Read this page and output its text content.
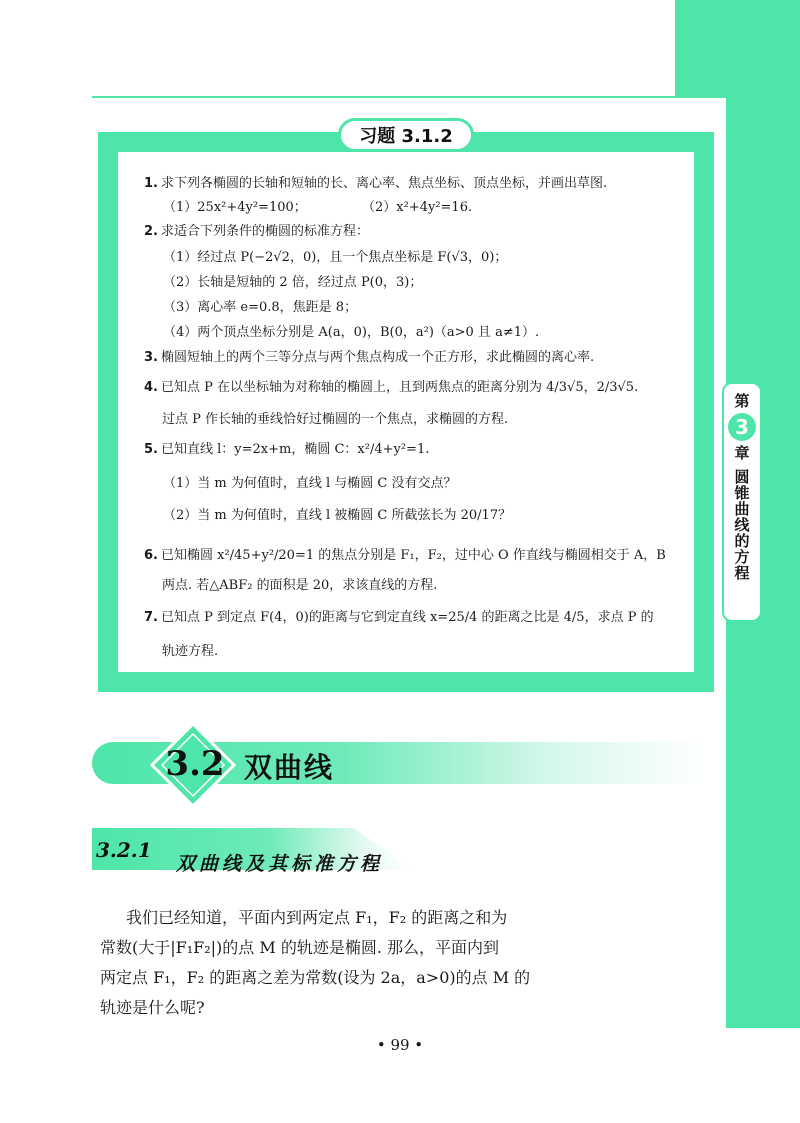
第
3
章
圆锥曲线的方程
习题 3.1.2
1. 求下列各椭圆的长轴和短轴的长、离心率、焦点坐标、顶点坐标，并画出草图.
（1）25x²+4y²=100；	（2）x²+4y²=16.
2. 求适合下列条件的椭圆的标准方程：
（1）经过点 P(−2√2，0)，且一个焦点坐标是 F(√3，0)；
（2）长轴是短轴的 2 倍，经过点 P(0，3)；
（3）离心率 e=0.8，焦距是 8；
（4）两个顶点坐标分别是 A(a，0)，B(0，a²)（a>0 且 a≠1）.
3. 椭圆短轴上的两个三等分点与两个焦点构成一个正方形，求此椭圆的离心率.
4. 已知点 P 在以坐标轴为对称轴的椭圆上，且到两焦点的距离分别为 4/3√5，2/3√5.
过点 P 作长轴的垂线恰好过椭圆的一个焦点，求椭圆的方程.
5. 已知直线 l：y=2x+m，椭圆 C：x²/4+y²=1.
（1）当 m 为何值时，直线 l 与椭圆 C 没有交点？
（2）当 m 为何值时，直线 l 被椭圆 C 所截弦长为 20/17？
6. 已知椭圆 x²/45+y²/20=1 的焦点分别是 F₁，F₂，过中心 O 作直线与椭圆相交于 A，B
两点. 若△ABF₂ 的面积是 20，求该直线的方程.
7. 已知点 P 到定点 F(4，0)的距离与它到定直线 x=25/4 的距离之比是 4/5，求点 P 的
轨迹方程.
3.2 双曲线
3.2.1
双曲线及其标准方程
我们已经知道，平面内到两定点 F₁，F₂ 的距离之和为
常数(大于|F₁F₂|)的点 M 的轨迹是椭圆. 那么，平面内到
两定点 F₁，F₂ 的距离之差为常数(设为 2a，a>0)的点 M 的
轨迹是什么呢?
• 99 •
